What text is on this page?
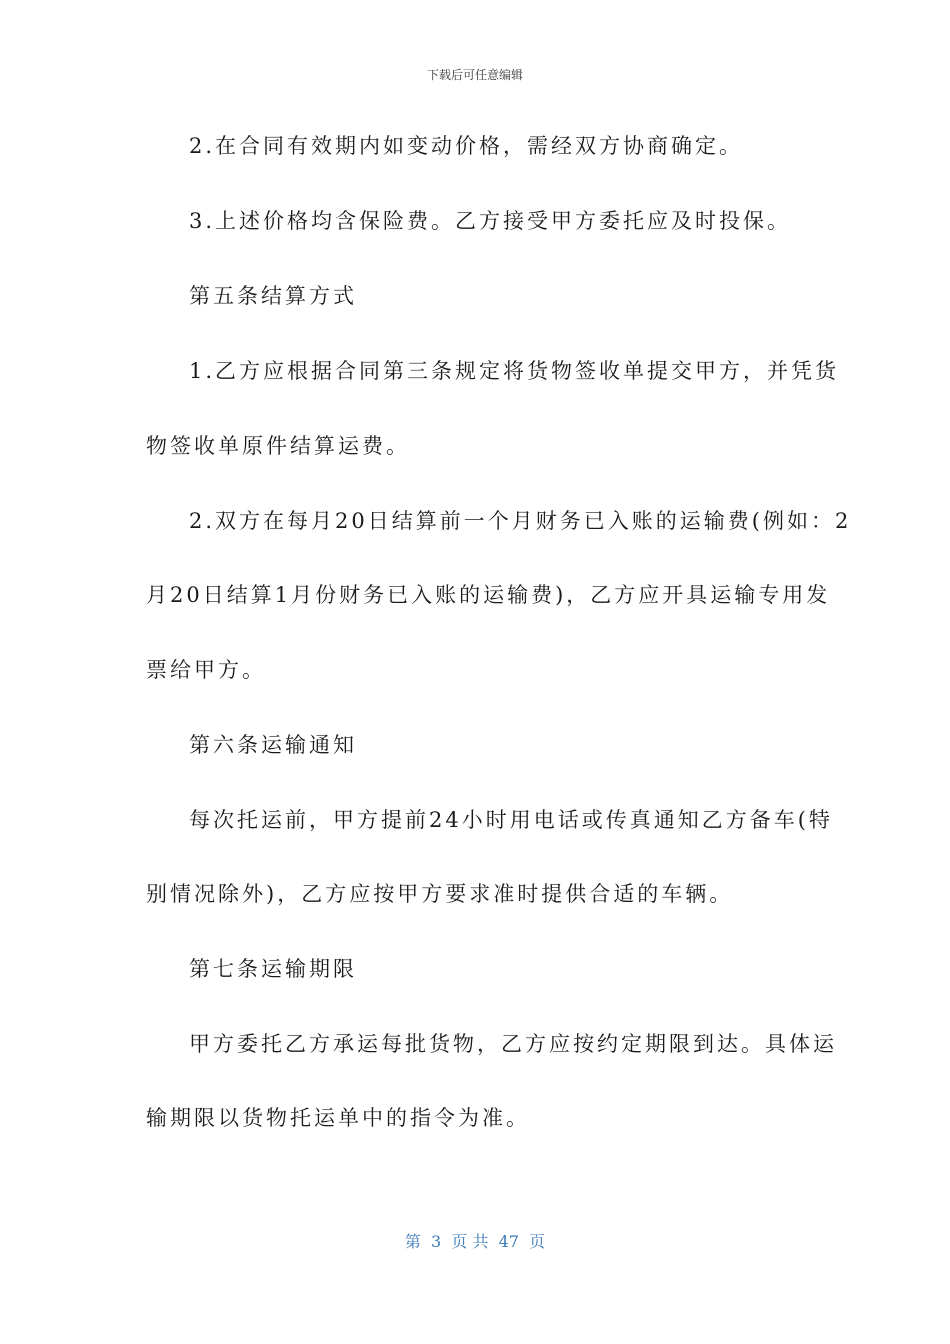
下载后可任意编辑
2.在合同有效期内如变动价格，需经双方协商确定。
3.上述价格均含保险费。乙方接受甲方委托应及时投保。
第五条结算方式
1.乙方应根据合同第三条规定将货物签收单提交甲方，并凭货
物签收单原件结算运费。
2.双方在每月20日结算前一个月财务已入账的运输费(例如：2
月20日结算1月份财务已入账的运输费)，乙方应开具运输专用发
票给甲方。
第六条运输通知
每次托运前，甲方提前24小时用电话或传真通知乙方备车(特
别情况除外)，乙方应按甲方要求准时提供合适的车辆。
第七条运输期限
甲方委托乙方承运每批货物，乙方应按约定期限到达。具体运
输期限以货物托运单中的指令为准。
第  3  页 共  47  页
